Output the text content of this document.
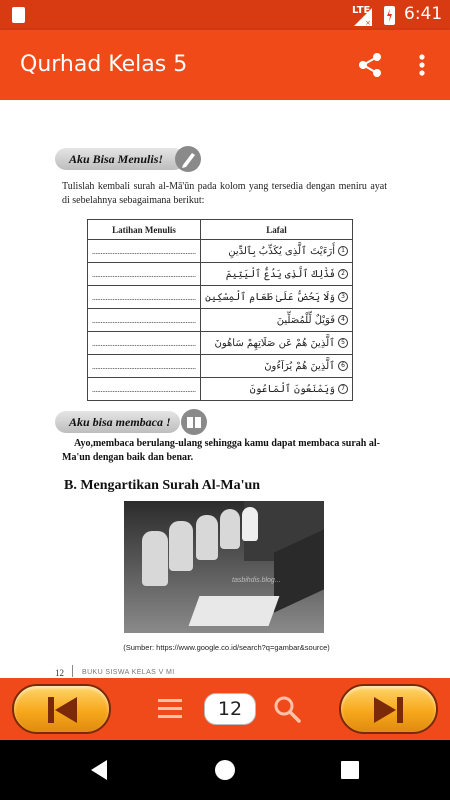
×
LTE 6:41
Qurhad Kelas 5
Aku Bisa Menulis!
Tulislah kembali surah al-Mā'ūn pada kolom yang tersedia dengan meniru ayat di sebelahnya sebagaimana berikut:
Latihan Menulis	Lafal
.............................................................	أَرَءَيْتَ ٱلَّذِى يُكَذِّبُ بِٱلدِّينِ 1
.............................................................	فَذَٰلِكَ ٱلَّذِى يَدُعُّ ٱلْيَتِيمَ 2
.............................................................	وَلَا يَحُضُّ عَلَىٰ طَعَامِ ٱلْمِسْكِينِ 3
.............................................................	فَوَيْلٌ لِّلْمُصَلِّينَ 4
.............................................................	ٱلَّذِينَ هُمْ عَن صَلَاتِهِمْ سَاهُونَ 5
.............................................................	ٱلَّذِينَ هُمْ يُرَآءُونَ 6
.............................................................	وَيَمْنَعُونَ ٱلْمَاعُونَ 7
Aku bisa membaca !
Ayo,membaca berulang-ulang sehingga kamu dapat membaca surah al-Ma'un dengan baik dan benar.
B. Mengartikan Surah Al-Ma'un
tasbihdis.blog...
(Sumber: https://www.google.co.id/search?q=gambar&source)
12	BUKU SISWA KELAS V MI
12
